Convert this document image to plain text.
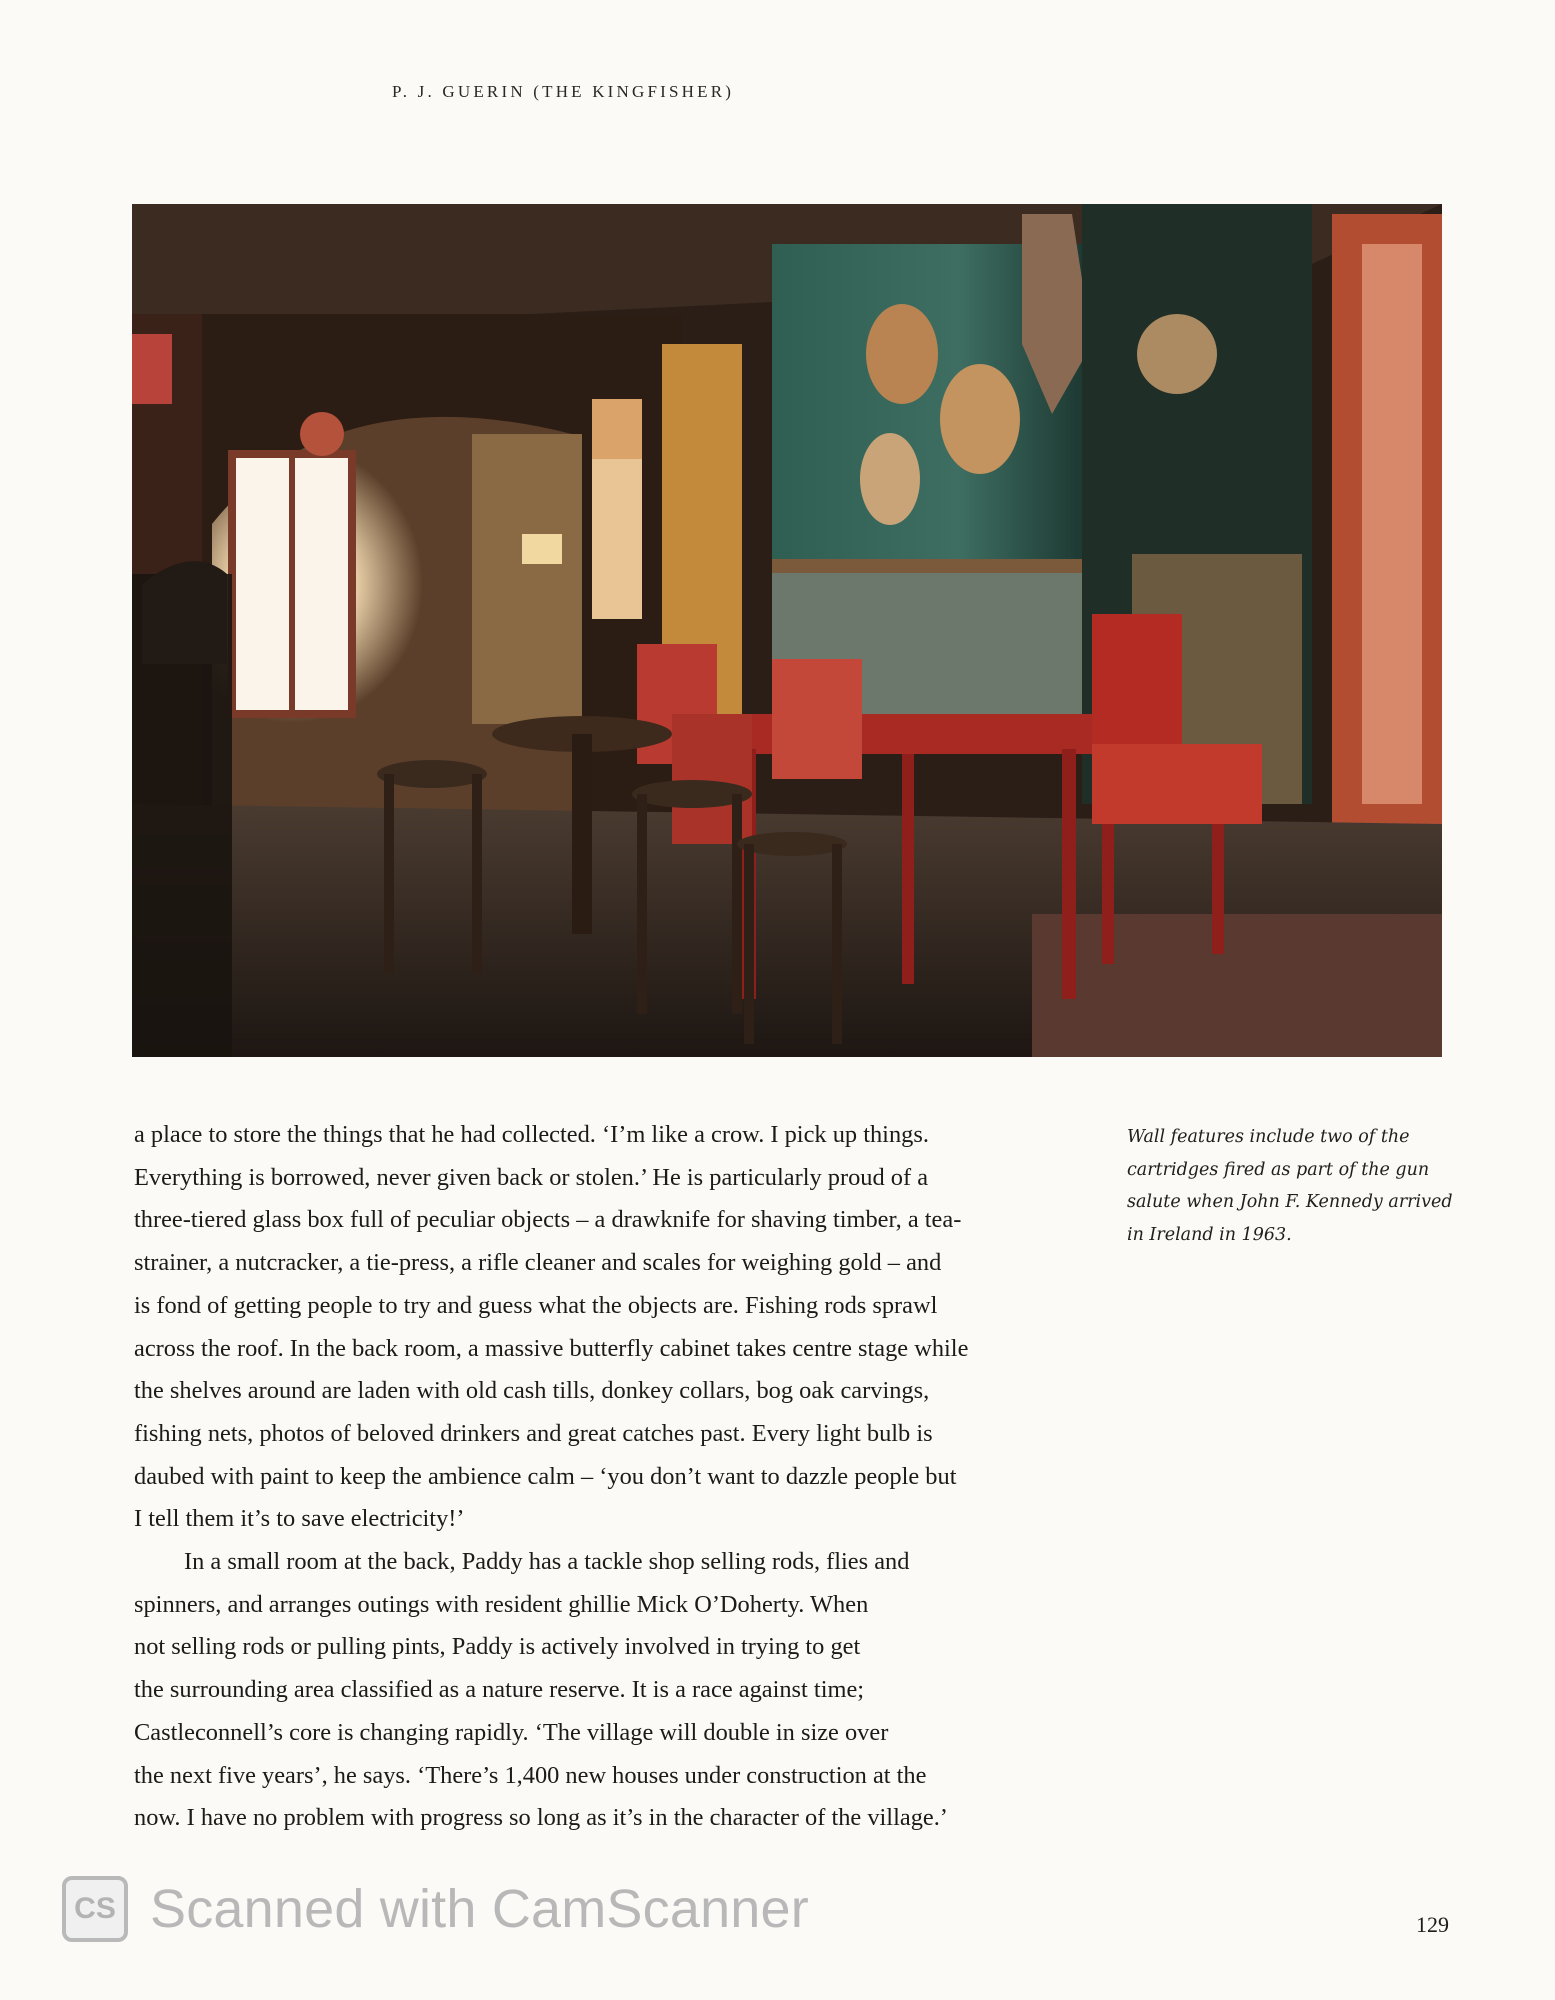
P. J. GUERIN (THE KINGFISHER)
a place to store the things that he had collected. ‘I’m like a crow. I pick up things.
Everything is borrowed, never given back or stolen.’ He is particularly proud of a
three-tiered glass box full of peculiar objects – a drawknife for shaving timber, a tea-
strainer, a nutcracker, a tie-press, a rifle cleaner and scales for weighing gold – and
is fond of getting people to try and guess what the objects are. Fishing rods sprawl
across the roof. In the back room, a massive butterfly cabinet takes centre stage while
the shelves around are laden with old cash tills, donkey collars, bog oak carvings,
fishing nets, photos of beloved drinkers and great catches past. Every light bulb is
daubed with paint to keep the ambience calm – ‘you don’t want to dazzle people but
I tell them it’s to save electricity!’
In a small room at the back, Paddy has a tackle shop selling rods, flies and
spinners, and arranges outings with resident ghillie Mick O’Doherty. When
not selling rods or pulling pints, Paddy is actively involved in trying to get
the surrounding area classified as a nature reserve. It is a race against time;
Castleconnell’s core is changing rapidly. ‘The village will double in size over
the next five years’, he says. ‘There’s 1,400 new houses under construction at the
now. I have no problem with progress so long as it’s in the character of the village.’
Wall features include two of the
cartridges fired as part of the gun
salute when John F. Kennedy arrived
in Ireland in 1963.
CS Scanned with CamScanner	129
